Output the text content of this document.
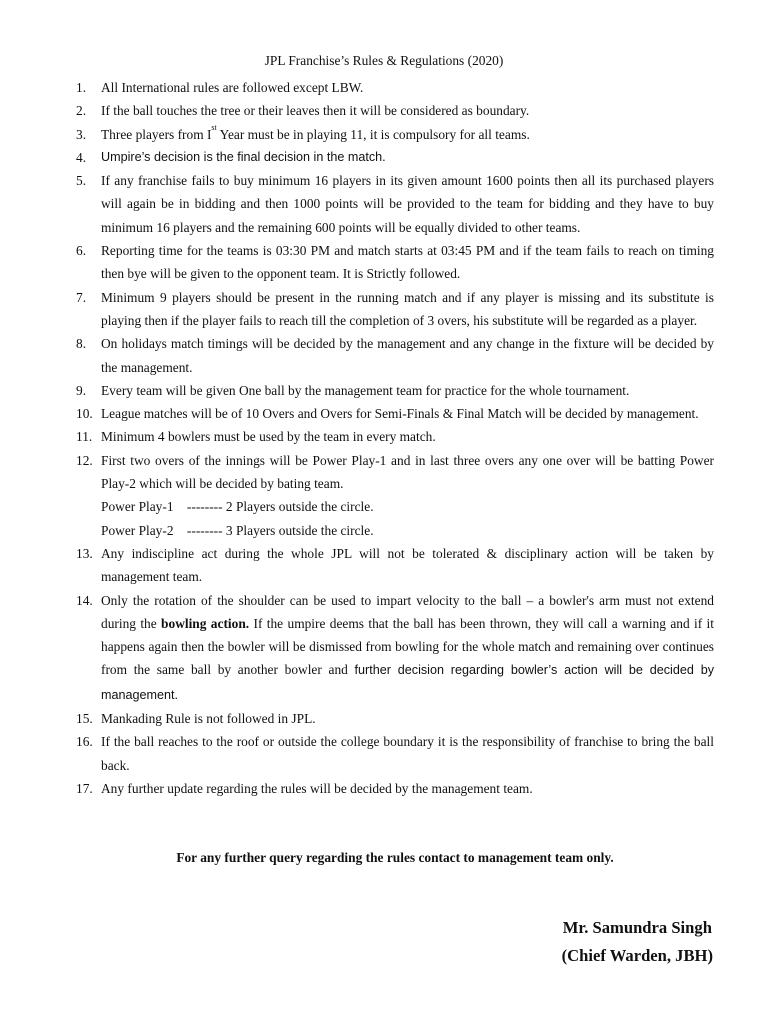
JPL Franchise’s Rules & Regulations (2020)
1. All International rules are followed except LBW.
2. If the ball touches the tree or their leaves then it will be considered as boundary.
3. Three players from Ist Year must be in playing 11, it is compulsory for all teams.
4. Umpire’s decision is the final decision in the match.
5. If any franchise fails to buy minimum 16 players in its given amount 1600 points then all its purchased players will again be in bidding and then 1000 points will be provided to the team for bidding and they have to buy minimum 16 players and the remaining 600 points will be equally divided to other teams.
6. Reporting time for the teams is 03:30 PM and match starts at 03:45 PM and if the team fails to reach on timing then bye will be given to the opponent team. It is Strictly followed.
7. Minimum 9 players should be present in the running match and if any player is missing and its substitute is playing then if the player fails to reach till the completion of 3 overs, his substitute will be regarded as a player.
8. On holidays match timings will be decided by the management and any change in the fixture will be decided by the management.
9. Every team will be given One ball by the management team for practice for the whole tournament.
10. League matches will be of 10 Overs and Overs for Semi-Finals & Final Match will be decided by management.
11. Minimum 4 bowlers must be used by the team in every match.
12. First two overs of the innings will be Power Play-1 and in last three overs any one over will be batting Power Play-2 which will be decided by bating team.
Power Play-1    -------- 2 Players outside the circle.
Power Play-2    -------- 3 Players outside the circle.
13. Any indiscipline act during the whole JPL will not be tolerated & disciplinary action will be taken by management team.
14. Only the rotation of the shoulder can be used to impart velocity to the ball – a bowler's arm must not extend during the bowling action. If the umpire deems that the ball has been thrown, they will call a warning and if it happens again then the bowler will be dismissed from bowling for the whole match and remaining over continues from the same ball by another bowler and further decision regarding bowler’s action will be decided by management.
15. Mankading Rule is not followed in JPL.
16. If the ball reaches to the roof or outside the college boundary it is the responsibility of franchise to bring the ball back.
17. Any further update regarding the rules will be decided by the management team.
For any further query regarding the rules contact to management team only.
Mr. Samundra Singh
(Chief Warden, JBH)
